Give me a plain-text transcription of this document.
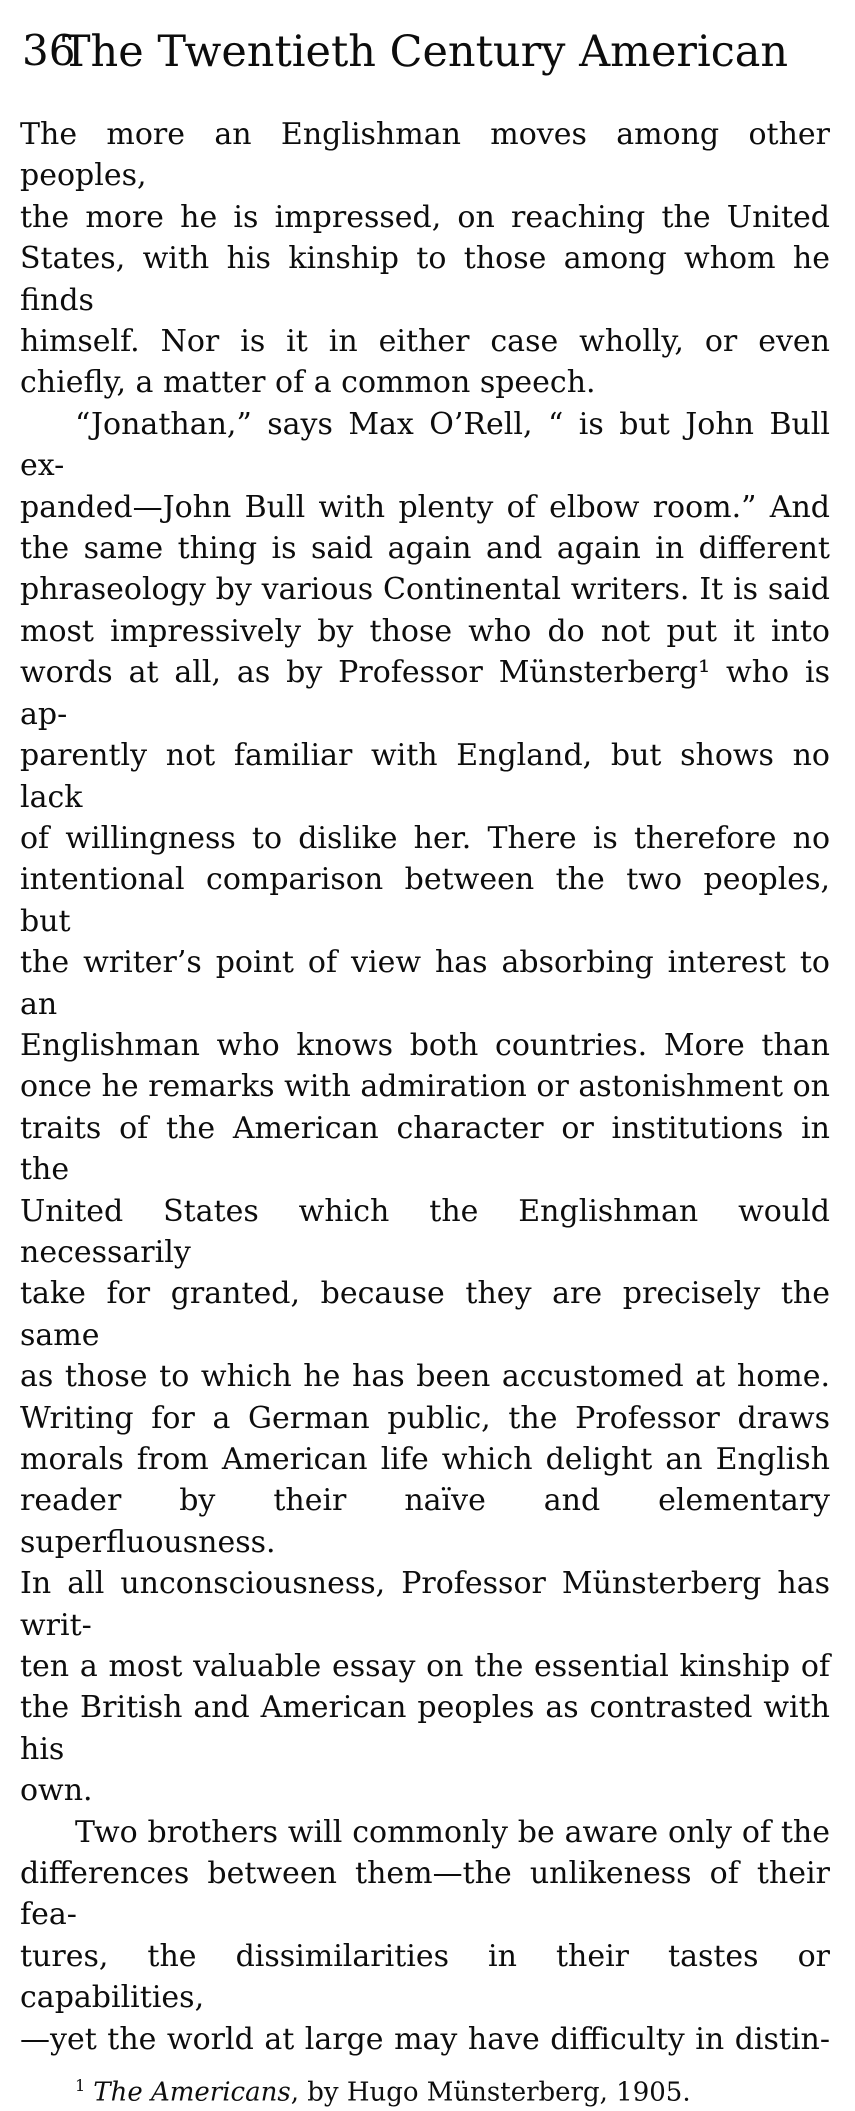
36
The Twentieth Century American
The more an Englishman moves among other peoples,
the more he is impressed, on reaching the United
States, with his kinship to those among whom he finds
himself. Nor is it in either case wholly, or even
chiefly, a matter of a common speech.
“Jonathan,” says Max O’Rell, “ is but John Bull ex-
panded—John Bull with plenty of elbow room.” And
the same thing is said again and again in different
phraseology by various Continental writers. It is said
most impressively by those who do not put it into
words at all, as by Professor Münsterberg¹ who is ap-
parently not familiar with England, but shows no lack
of willingness to dislike her. There is therefore no
intentional comparison between the two peoples, but
the writer’s point of view has absorbing interest to an
Englishman who knows both countries. More than
once he remarks with admiration or astonishment on
traits of the American character or institutions in the
United States which the Englishman would necessarily
take for granted, because they are precisely the same
as those to which he has been accustomed at home.
Writing for a German public, the Professor draws
morals from American life which delight an English
reader by their naïve and elementary superfluousness.
In all unconsciousness, Professor Münsterberg has writ-
ten a most valuable essay on the essential kinship of
the British and American peoples as contrasted with his
own.
Two brothers will commonly be aware only of the
differences between them—the unlikeness of their fea-
tures, the dissimilarities in their tastes or capabilities,
—yet the world at large may have difficulty in distin-
$^1$ The Americans, by Hugo Münsterberg, 1905.
